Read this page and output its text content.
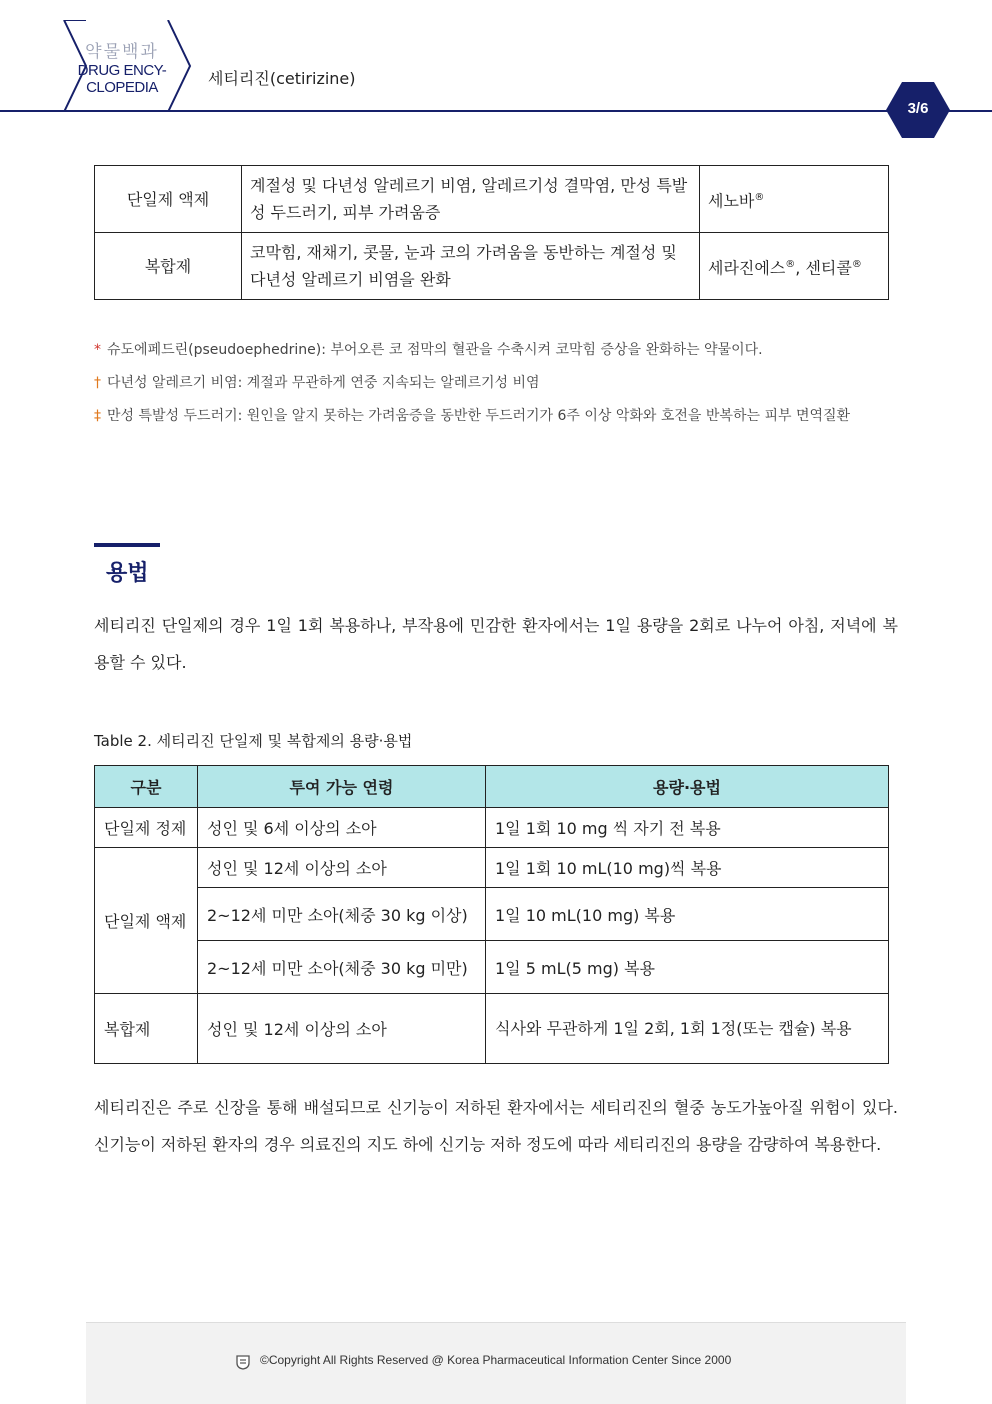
약물백과
DRUG ENCY-
CLOPEDIA	세티리진(cetirizine)
3/6
단일제 액제	계절성 및 다년성 알레르기 비염, 알레르기성 결막염, 만성 특발성 두드러기, 피부 가려움증	세노바®
복합제	코막힘, 재채기, 콧물, 눈과 코의 가려움을 동반하는 계절성 및 다년성 알레르기 비염을 완화	세라진에스®, 센티콜®
* 슈도에페드린(pseudoephedrine): 부어오른 코 점막의 혈관을 수축시켜 코막힘 증상을 완화하는 약물이다.
† 다년성 알레르기 비염: 계절과 무관하게 연중 지속되는 알레르기성 비염
‡ 만성 특발성 두드러기: 원인을 알지 못하는 가려움증을 동반한 두드러기가 6주 이상 악화와 호전을 반복하는 피부 면역질환
용법
세티리진 단일제의 경우 1일 1회 복용하나, 부작용에 민감한 환자에서는 1일 용량을 2회로 나누어 아침, 저녁에 복용할 수 있다.
Table 2. 세티리진 단일제 및 복합제의 용량·용법
구분	투여 가능 연령	용량·용법
단일제 정제	성인 및 6세 이상의 소아	1일 1회 10 mg 씩 자기 전 복용
단일제 액제	성인 및 12세 이상의 소아	1일 1회 10 mL(10 mg)씩 복용
	2~12세 미만 소아(체중 30 kg 이상)	1일 10 mL(10 mg) 복용
	2~12세 미만 소아(체중 30 kg 미만)	1일 5 mL(5 mg) 복용
복합제	성인 및 12세 이상의 소아	식사와 무관하게 1일 2회, 1회 1정(또는 캡슐) 복용
세티리진은 주로 신장을 통해 배설되므로 신기능이 저하된 환자에서는 세티리진의 혈중 농도가높아질 위험이 있다. 신기능이 저하된 환자의 경우 의료진의 지도 하에 신기능 저하 정도에 따라 세티리진의 용량을 감량하여 복용한다.
©Copyright All Rights Reserved @ Korea Pharmaceutical Information Center Since 2000
